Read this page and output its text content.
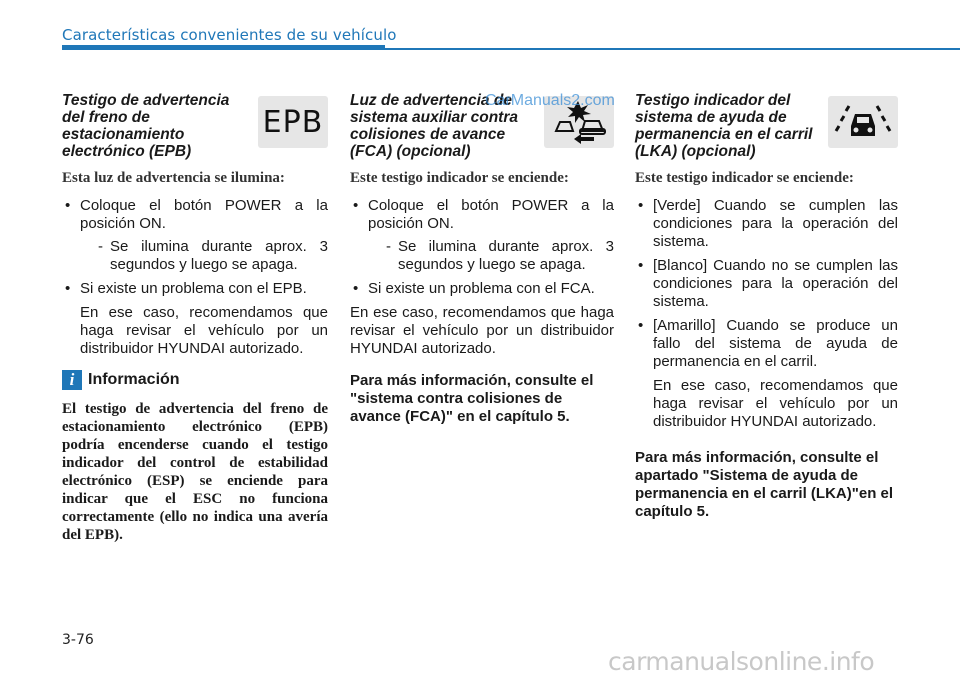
Características convenientes de su vehículo
Testigo de advertencia del freno de estacionamiento electrónico (EPB)
EPB
Esta luz de advertencia se ilumina:
• Coloque el botón POWER a la posición ON.
- Se ilumina durante aprox. 3 segundos y luego se apaga.
• Si existe un problema con el EPB.
En ese caso, recomendamos que haga revisar el vehículo por un distribuidor HYUNDAI autorizado.
i Información
El testigo de advertencia del freno de estacionamiento electrónico (EPB) podría encenderse cuando el testigo indicador del control de estabilidad electrónico (ESP) se enciende para indicar que el ESC no funciona correctamente (ello no indica una avería del EPB).
Luz de advertencia de sistema auxiliar contra colisiones de avance (FCA) (opcional)
Este testigo indicador se enciende:
• Coloque el botón POWER a la posición ON.
- Se ilumina durante aprox. 3 segundos y luego se apaga.
• Si existe un problema con el FCA.
En ese caso, recomendamos que haga revisar el vehículo por un distribuidor HYUNDAI autorizado.
Para más información, consulte el "sistema contra colisiones de avance (FCA)" en el capítulo 5.
Testigo indicador del sistema de ayuda de permanencia en el carril (LKA) (opcional)
Este testigo indicador se enciende:
• [Verde] Cuando se cumplen las condiciones para la operación del sistema.
• [Blanco] Cuando no se cumplen las condiciones para la operación del sistema.
• [Amarillo] Cuando se produce un fallo del sistema de ayuda de permanencia en el carril.
En ese caso, recomendamos que haga revisar el vehículo por un distribuidor HYUNDAI autorizado.
Para más información, consulte el apartado "Sistema de ayuda de permanencia en el carril (LKA)"en el capítulo 5.
CarManuals2.com
3-76
carmanualsonline.info
